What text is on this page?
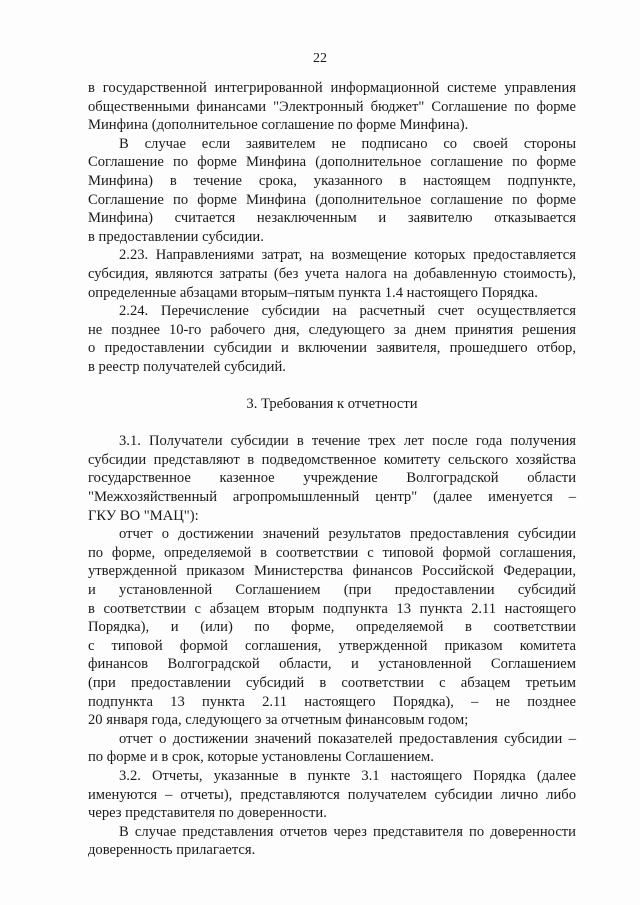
22
в государственной интегрированной информационной системе управления
общественными финансами "Электронный бюджет" Соглашение по форме
Минфина (дополнительное соглашение по форме Минфина).
В случае если заявителем не подписано со своей стороны
Соглашение по форме Минфина (дополнительное соглашение по форме
Минфина) в течение срока, указанного в настоящем подпункте,
Соглашение по форме Минфина (дополнительное соглашение по форме
Минфина) считается незаключенным и заявителю отказывается
в предоставлении субсидии.
2.23. Направлениями затрат, на возмещение которых предоставляется
субсидия, являются затраты (без учета налога на добавленную стоимость),
определенные абзацами вторым–пятым пункта 1.4 настоящего Порядка.
2.24. Перечисление субсидии на расчетный счет осуществляется
не позднее 10-го рабочего дня, следующего за днем принятия решения
о предоставлении субсидии и включении заявителя, прошедшего отбор,
в реестр получателей субсидий.
3. Требования к отчетности
3.1. Получатели субсидии в течение трех лет после года получения
субсидии представляют в подведомственное комитету сельского хозяйства
государственное казенное учреждение Волгоградской области
"Межхозяйственный агропромышленный центр" (далее именуется –
ГКУ ВО "МАЦ"):
отчет о достижении значений результатов предоставления субсидии
по форме, определяемой в соответствии с типовой формой соглашения,
утвержденной приказом Министерства финансов Российской Федерации,
и установленной Соглашением (при предоставлении субсидий
в соответствии с абзацем вторым подпункта 13 пункта 2.11 настоящего
Порядка), и (или) по форме, определяемой в соответствии
с типовой формой соглашения, утвержденной приказом комитета
финансов Волгоградской области, и установленной Соглашением
(при предоставлении субсидий в соответствии с абзацем третьим
подпункта 13 пункта 2.11 настоящего Порядка), – не позднее
20 января года, следующего за отчетным финансовым годом;
отчет о достижении значений показателей предоставления субсидии –
по форме и в срок, которые установлены Соглашением.
3.2. Отчеты, указанные в пункте 3.1 настоящего Порядка (далее
именуются – отчеты), представляются получателем субсидии лично либо
через представителя по доверенности.
В случае представления отчетов через представителя по доверенности
доверенность прилагается.
